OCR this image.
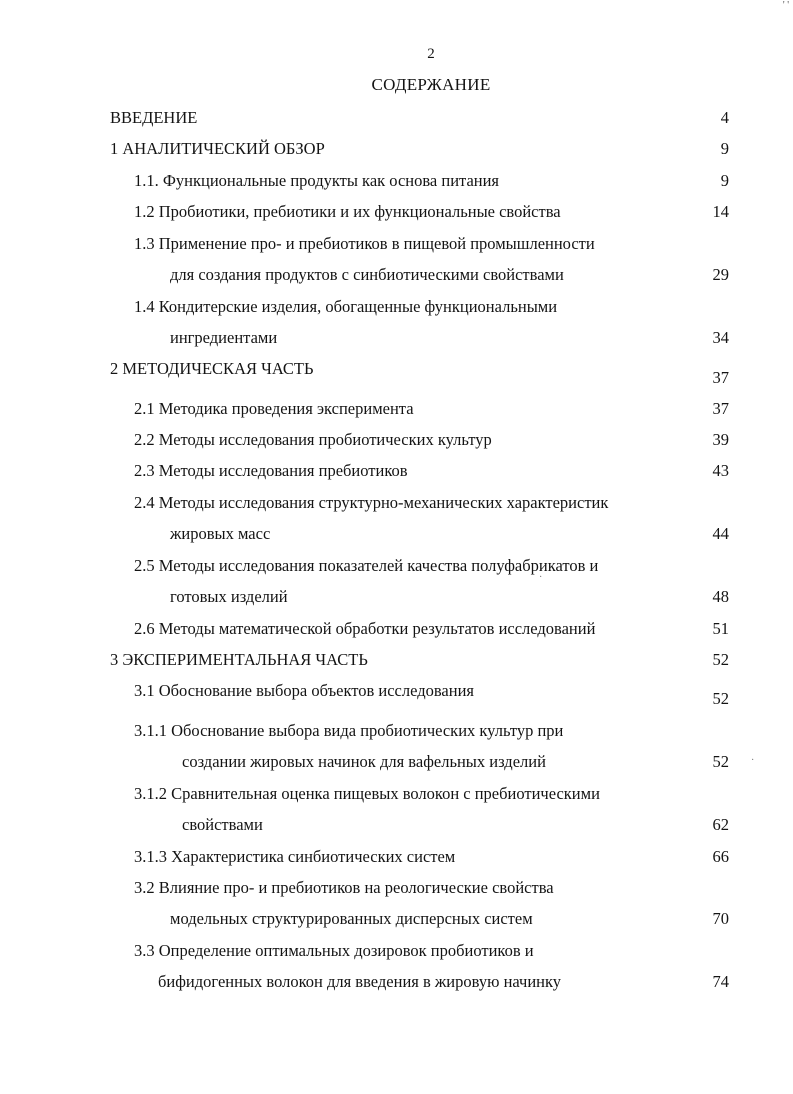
' '
2
СОДЕРЖАНИЕ
ВВЕДЕНИЕ	4
1 АНАЛИТИЧЕСКИЙ ОБЗОР	9
1.1. Функциональные продукты как основа питания	9
1.2 Пробиотики, пребиотики и их функциональные свойства	14
1.3 Применение про- и пребиотиков в пищевой промышленности
для создания продуктов с синбиотическими свойствами	29
1.4 Кондитерские изделия, обогащенные функциональными
ингредиентами	34
2 МЕТОДИЧЕСКАЯ ЧАСТЬ	37
2.1 Методика проведения эксперимента	37
2.2 Методы исследования пробиотических культур	39
2.3 Методы исследования пребиотиков	43
2.4 Методы исследования структурно-механических характеристик
жировых масс	44
2.5 Методы исследования показателей качества полуфабрикатов и
·
готовых изделий	48
2.6 Методы математической обработки результатов исследований	51
3 ЭКСПЕРИМЕНТАЛЬНАЯ ЧАСТЬ	52
3.1 Обоснование выбора объектов исследования	52
3.1.1 Обоснование выбора вида пробиотических культур при
создании жировых начинок для вафельных изделий	52 ·
3.1.2 Сравнительная оценка пищевых волокон с пребиотическими
свойствами	62
3.1.3 Характеристика синбиотических систем	66
3.2 Влияние про- и пребиотиков на реологические свойства
модельных структурированных дисперсных систем	70
3.3 Определение оптимальных дозировок пробиотиков и
бифидогенных волокон для введения в жировую начинку	74
